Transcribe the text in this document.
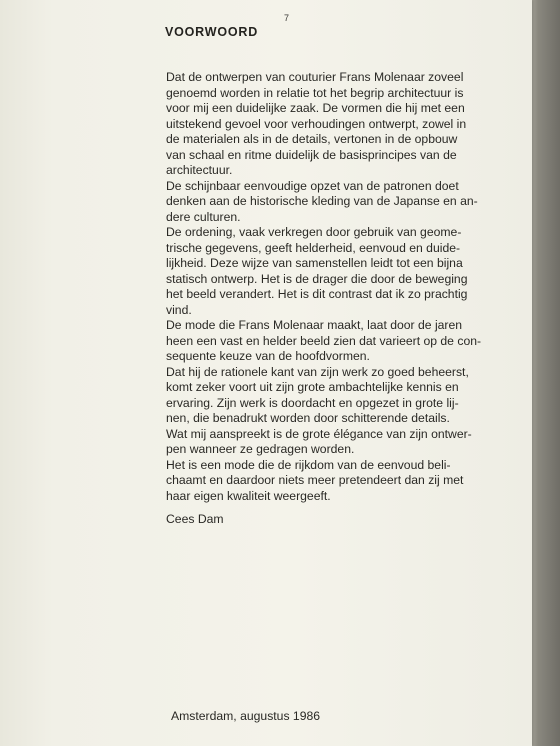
7
VOORWOORD
Dat de ontwerpen van couturier Frans Molenaar zoveel
genoemd worden in relatie tot het begrip architectuur is
voor mij een duidelijke zaak. De vormen die hij met een
uitstekend gevoel voor verhoudingen ontwerpt, zowel in
de materialen als in de details, vertonen in de opbouw
van schaal en ritme duidelijk de basisprincipes van de
architectuur.
De schijnbaar eenvoudige opzet van de patronen doet
denken aan de historische kleding van de Japanse en an-
dere culturen.
De ordening, vaak verkregen door gebruik van geome-
trische gegevens, geeft helderheid, eenvoud en duide-
lijkheid. Deze wijze van samenstellen leidt tot een bijna
statisch ontwerp. Het is de drager die door de beweging
het beeld verandert. Het is dit contrast dat ik zo prachtig
vind.
De mode die Frans Molenaar maakt, laat door de jaren
heen een vast en helder beeld zien dat varieert op de con-
sequente keuze van de hoofdvormen.
Dat hij de rationele kant van zijn werk zo goed beheerst,
komt zeker voort uit zijn grote ambachtelijke kennis en
ervaring. Zijn werk is doordacht en opgezet in grote lij-
nen, die benadrukt worden door schitterende details.
Wat mij aanspreekt is de grote élégance van zijn ontwer-
pen wanneer ze gedragen worden.
Het is een mode die de rijkdom van de eenvoud beli-
chaamt en daardoor niets meer pretendeert dan zij met
haar eigen kwaliteit weergeeft.
Cees Dam
Amsterdam, augustus 1986
